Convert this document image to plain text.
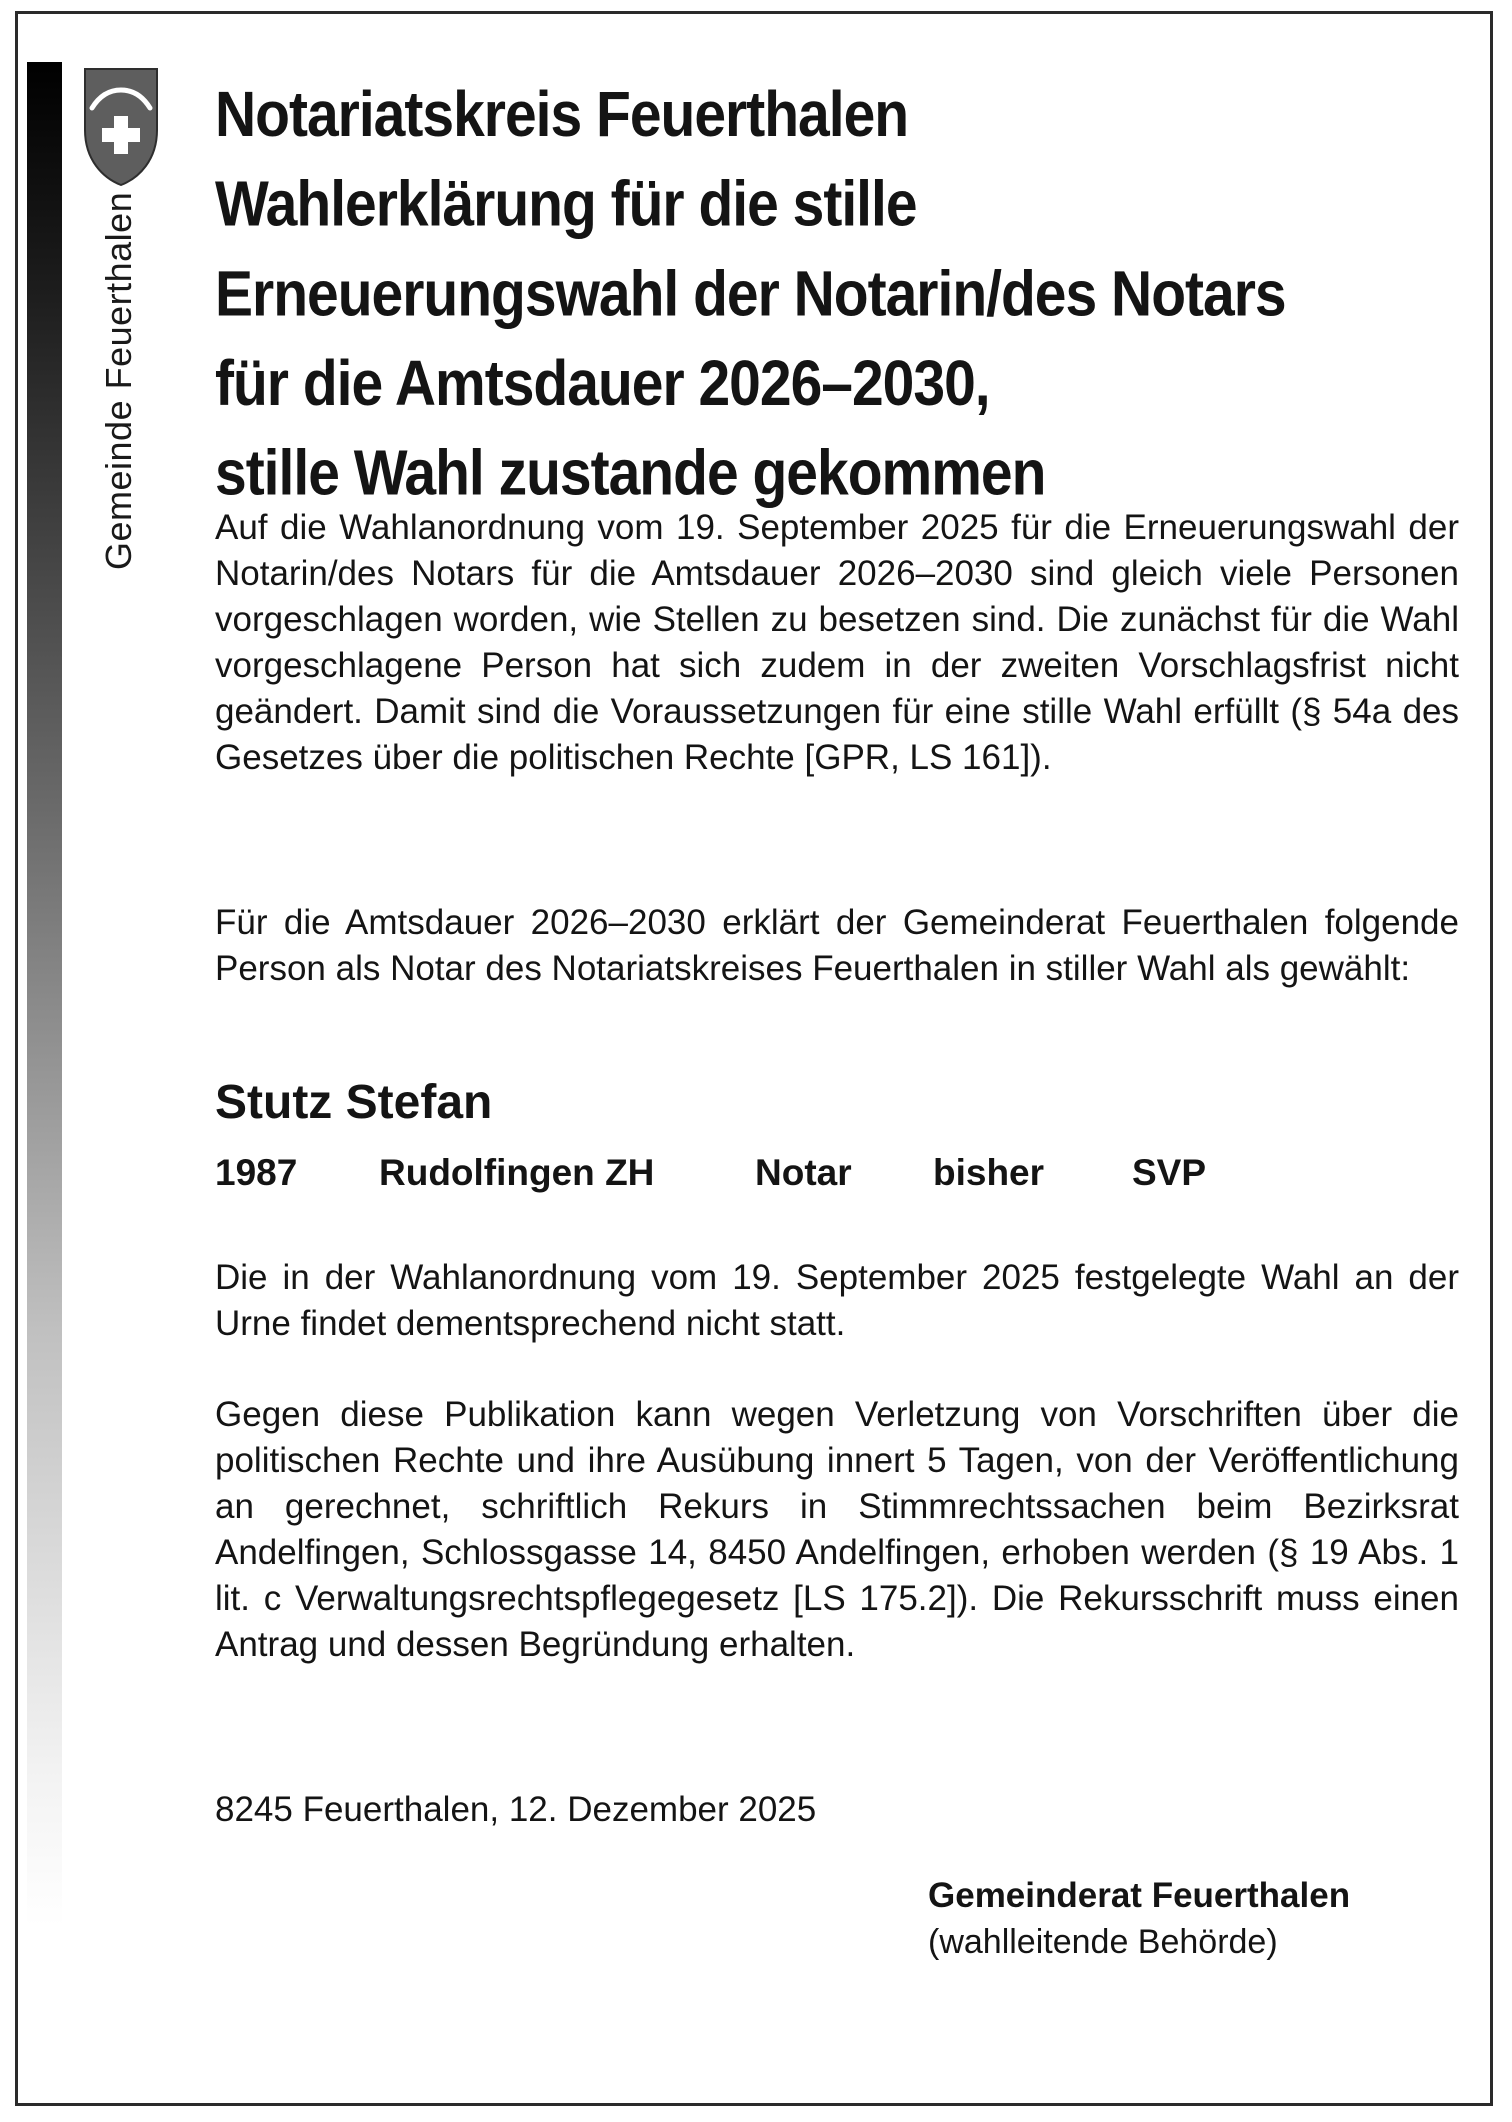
Gemeinde Feuerthalen
Notariatskreis Feuerthalen
Wahlerklärung für die stille
Erneuerungswahl der Notarin/des Notars
für die Amtsdauer 2026–2030,
stille Wahl zustande gekommen

Auf die Wahlanordnung vom 19. September 2025 für die Erneuerungswahl der Notarin/des Notars für die Amtsdauer 2026–2030 sind gleich viele Personen vorgeschlagen worden, wie Stellen zu besetzen sind. Die zunächst für die Wahl vorgeschlagene Person hat sich zudem in der zweiten Vorschlagsfrist nicht geändert. Damit sind die Voraussetzungen für eine stille Wahl erfüllt (§ 54a des Gesetzes über die politischen Rechte [GPR, LS 161]).

Für die Amtsdauer 2026–2030 erklärt der Gemeinderat Feuerthalen folgende Person als Notar des Notariatskreises Feuerthalen in stiller Wahl als gewählt:

Stutz Stefan
1987 Rudolfingen ZH	Notar bisher SVP

Die in der Wahlanordnung vom 19. September 2025 festgelegte Wahl an der Urne findet dementsprechend nicht statt.

Gegen diese Publikation kann wegen Verletzung von Vorschriften über die politischen Rechte und ihre Ausübung innert 5 Tagen, von der Veröffentlichung an gerechnet, schriftlich Rekurs in Stimmrechtssachen beim Bezirksrat Andelfingen, Schlossgasse 14, 8450 Andelfingen, erhoben werden (§ 19 Abs. 1 lit. c Verwaltungsrechtspflegegesetz [LS 175.2]). Die Rekursschrift muss einen Antrag und dessen Begründung erhalten.

8245 Feuerthalen, 12. Dezember 2025
Gemeinderat Feuerthalen
(wahlleitende Behörde)
